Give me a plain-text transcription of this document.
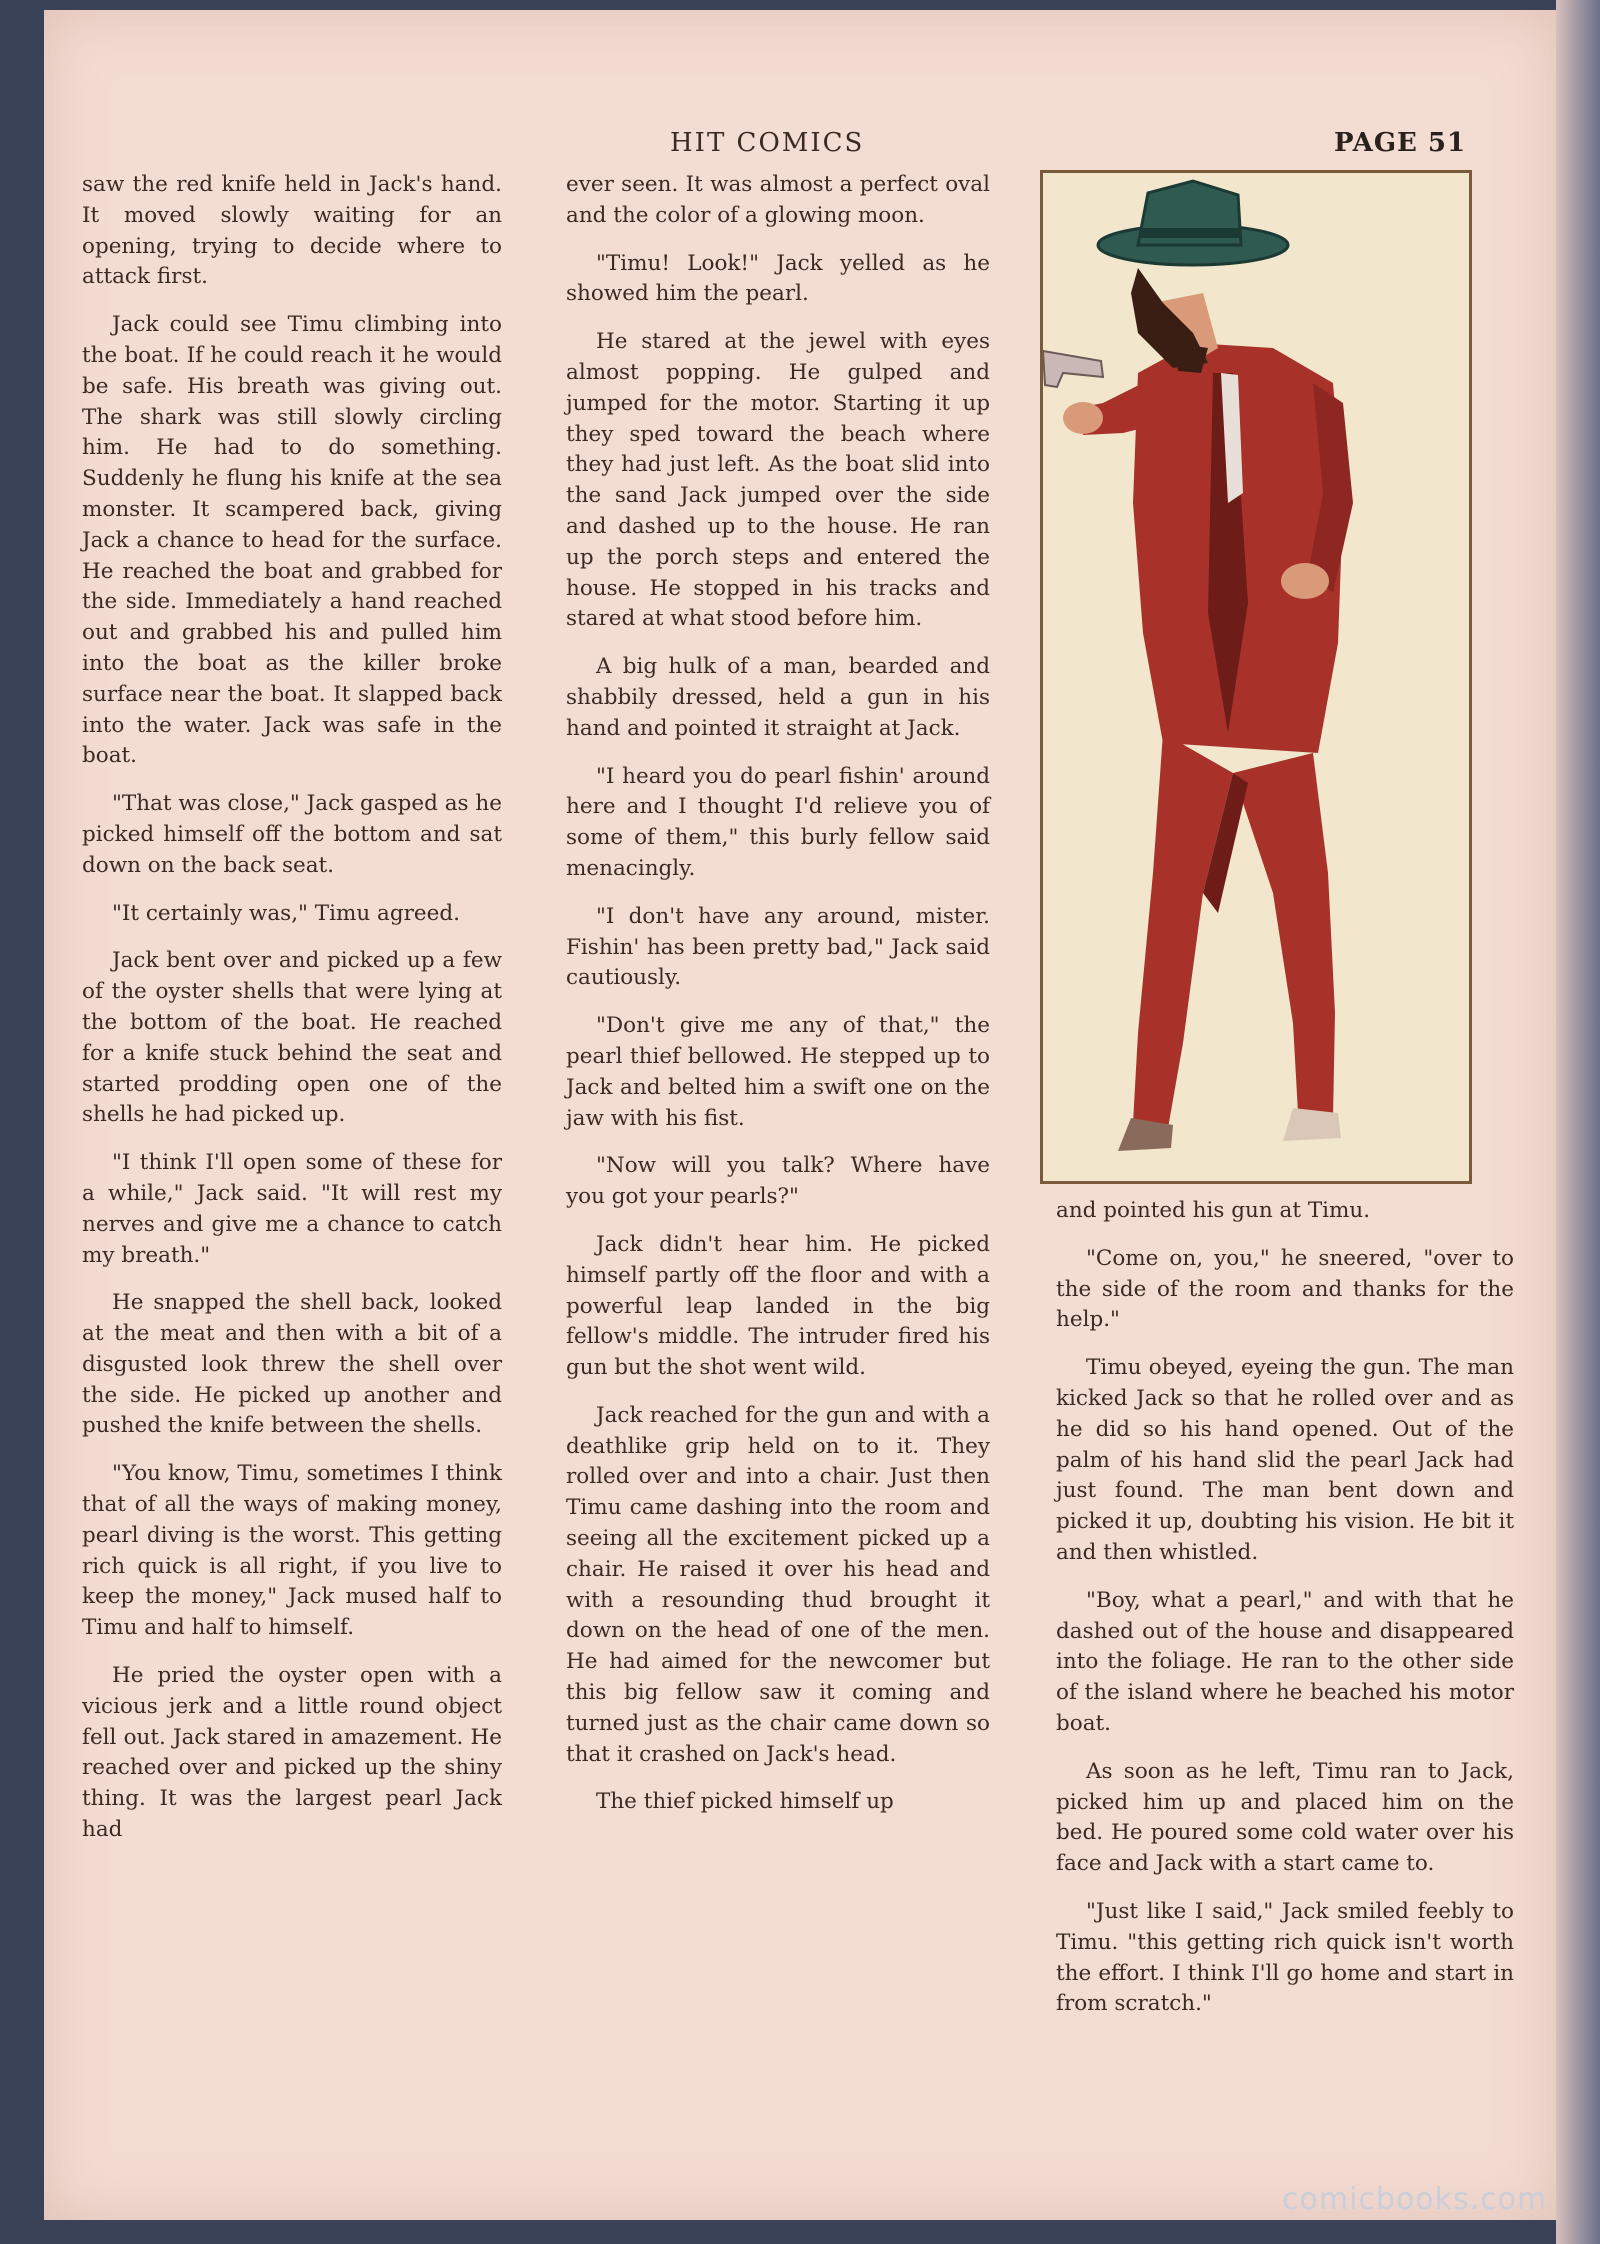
HIT COMICS	PAGE 51

saw the red knife held in Jack's hand. It moved slowly waiting for an opening, trying to decide where to attack first.

Jack could see Timu climbing into the boat. If he could reach it he would be safe. His breath was giving out. The shark was still slowly circling him. He had to do something. Suddenly he flung his knife at the sea monster. It scampered back, giving Jack a chance to head for the surface. He reached the boat and grabbed for the side. Immediately a hand reached out and grabbed his and pulled him into the boat as the killer broke surface near the boat. It slapped back into the water. Jack was safe in the boat.

"That was close," Jack gasped as he picked himself off the bottom and sat down on the back seat.

"It certainly was," Timu agreed.

Jack bent over and picked up a few of the oyster shells that were lying at the bottom of the boat. He reached for a knife stuck behind the seat and started prodding open one of the shells he had picked up.

"I think I'll open some of these for a while," Jack said. "It will rest my nerves and give me a chance to catch my breath."

He snapped the shell back, looked at the meat and then with a bit of a disgusted look threw the shell over the side. He picked up another and pushed the knife between the shells.

"You know, Timu, sometimes I think that of all the ways of making money, pearl diving is the worst. This getting rich quick is all right, if you live to keep the money," Jack mused half to Timu and half to himself.

He pried the oyster open with a vicious jerk and a little round object fell out. Jack stared in amazement. He reached over and picked up the shiny thing. It was the largest pearl Jack had

ever seen. It was almost a perfect oval and the color of a glowing moon.

"Timu! Look!" Jack yelled as he showed him the pearl.

He stared at the jewel with eyes almost popping. He gulped and jumped for the motor. Starting it up they sped toward the beach where they had just left. As the boat slid into the sand Jack jumped over the side and dashed up to the house. He ran up the porch steps and entered the house. He stopped in his tracks and stared at what stood before him.

A big hulk of a man, bearded and shabbily dressed, held a gun in his hand and pointed it straight at Jack.

"I heard you do pearl fishin' around here and I thought I'd relieve you of some of them," this burly fellow said menacingly.

"I don't have any around, mister. Fishin' has been pretty bad," Jack said cautiously.

"Don't give me any of that," the pearl thief bellowed. He stepped up to Jack and belted him a swift one on the jaw with his fist.

"Now will you talk? Where have you got your pearls?"

Jack didn't hear him. He picked himself partly off the floor and with a powerful leap landed in the big fellow's middle. The intruder fired his gun but the shot went wild.

Jack reached for the gun and with a deathlike grip held on to it. They rolled over and into a chair. Just then Timu came dashing into the room and seeing all the excitement picked up a chair. He raised it over his head and with a resounding thud brought it down on the head of one of the men. He had aimed for the newcomer but this big fellow saw it coming and turned just as the chair came down so that it crashed on Jack's head.

The thief picked himself up

and pointed his gun at Timu.

"Come on, you," he sneered, "over to the side of the room and thanks for the help."

Timu obeyed, eyeing the gun. The man kicked Jack so that he rolled over and as he did so his hand opened. Out of the palm of his hand slid the pearl Jack had just found. The man bent down and picked it up, doubting his vision. He bit it and then whistled.

"Boy, what a pearl," and with that he dashed out of the house and disappeared into the foliage. He ran to the other side of the island where he beached his motor boat.

As soon as he left, Timu ran to Jack, picked him up and placed him on the bed. He poured some cold water over his face and Jack with a start came to.

"Just like I said," Jack smiled feebly to Timu. "this getting rich quick isn't worth the effort. I think I'll go home and start in from scratch."

comicbooks.com
